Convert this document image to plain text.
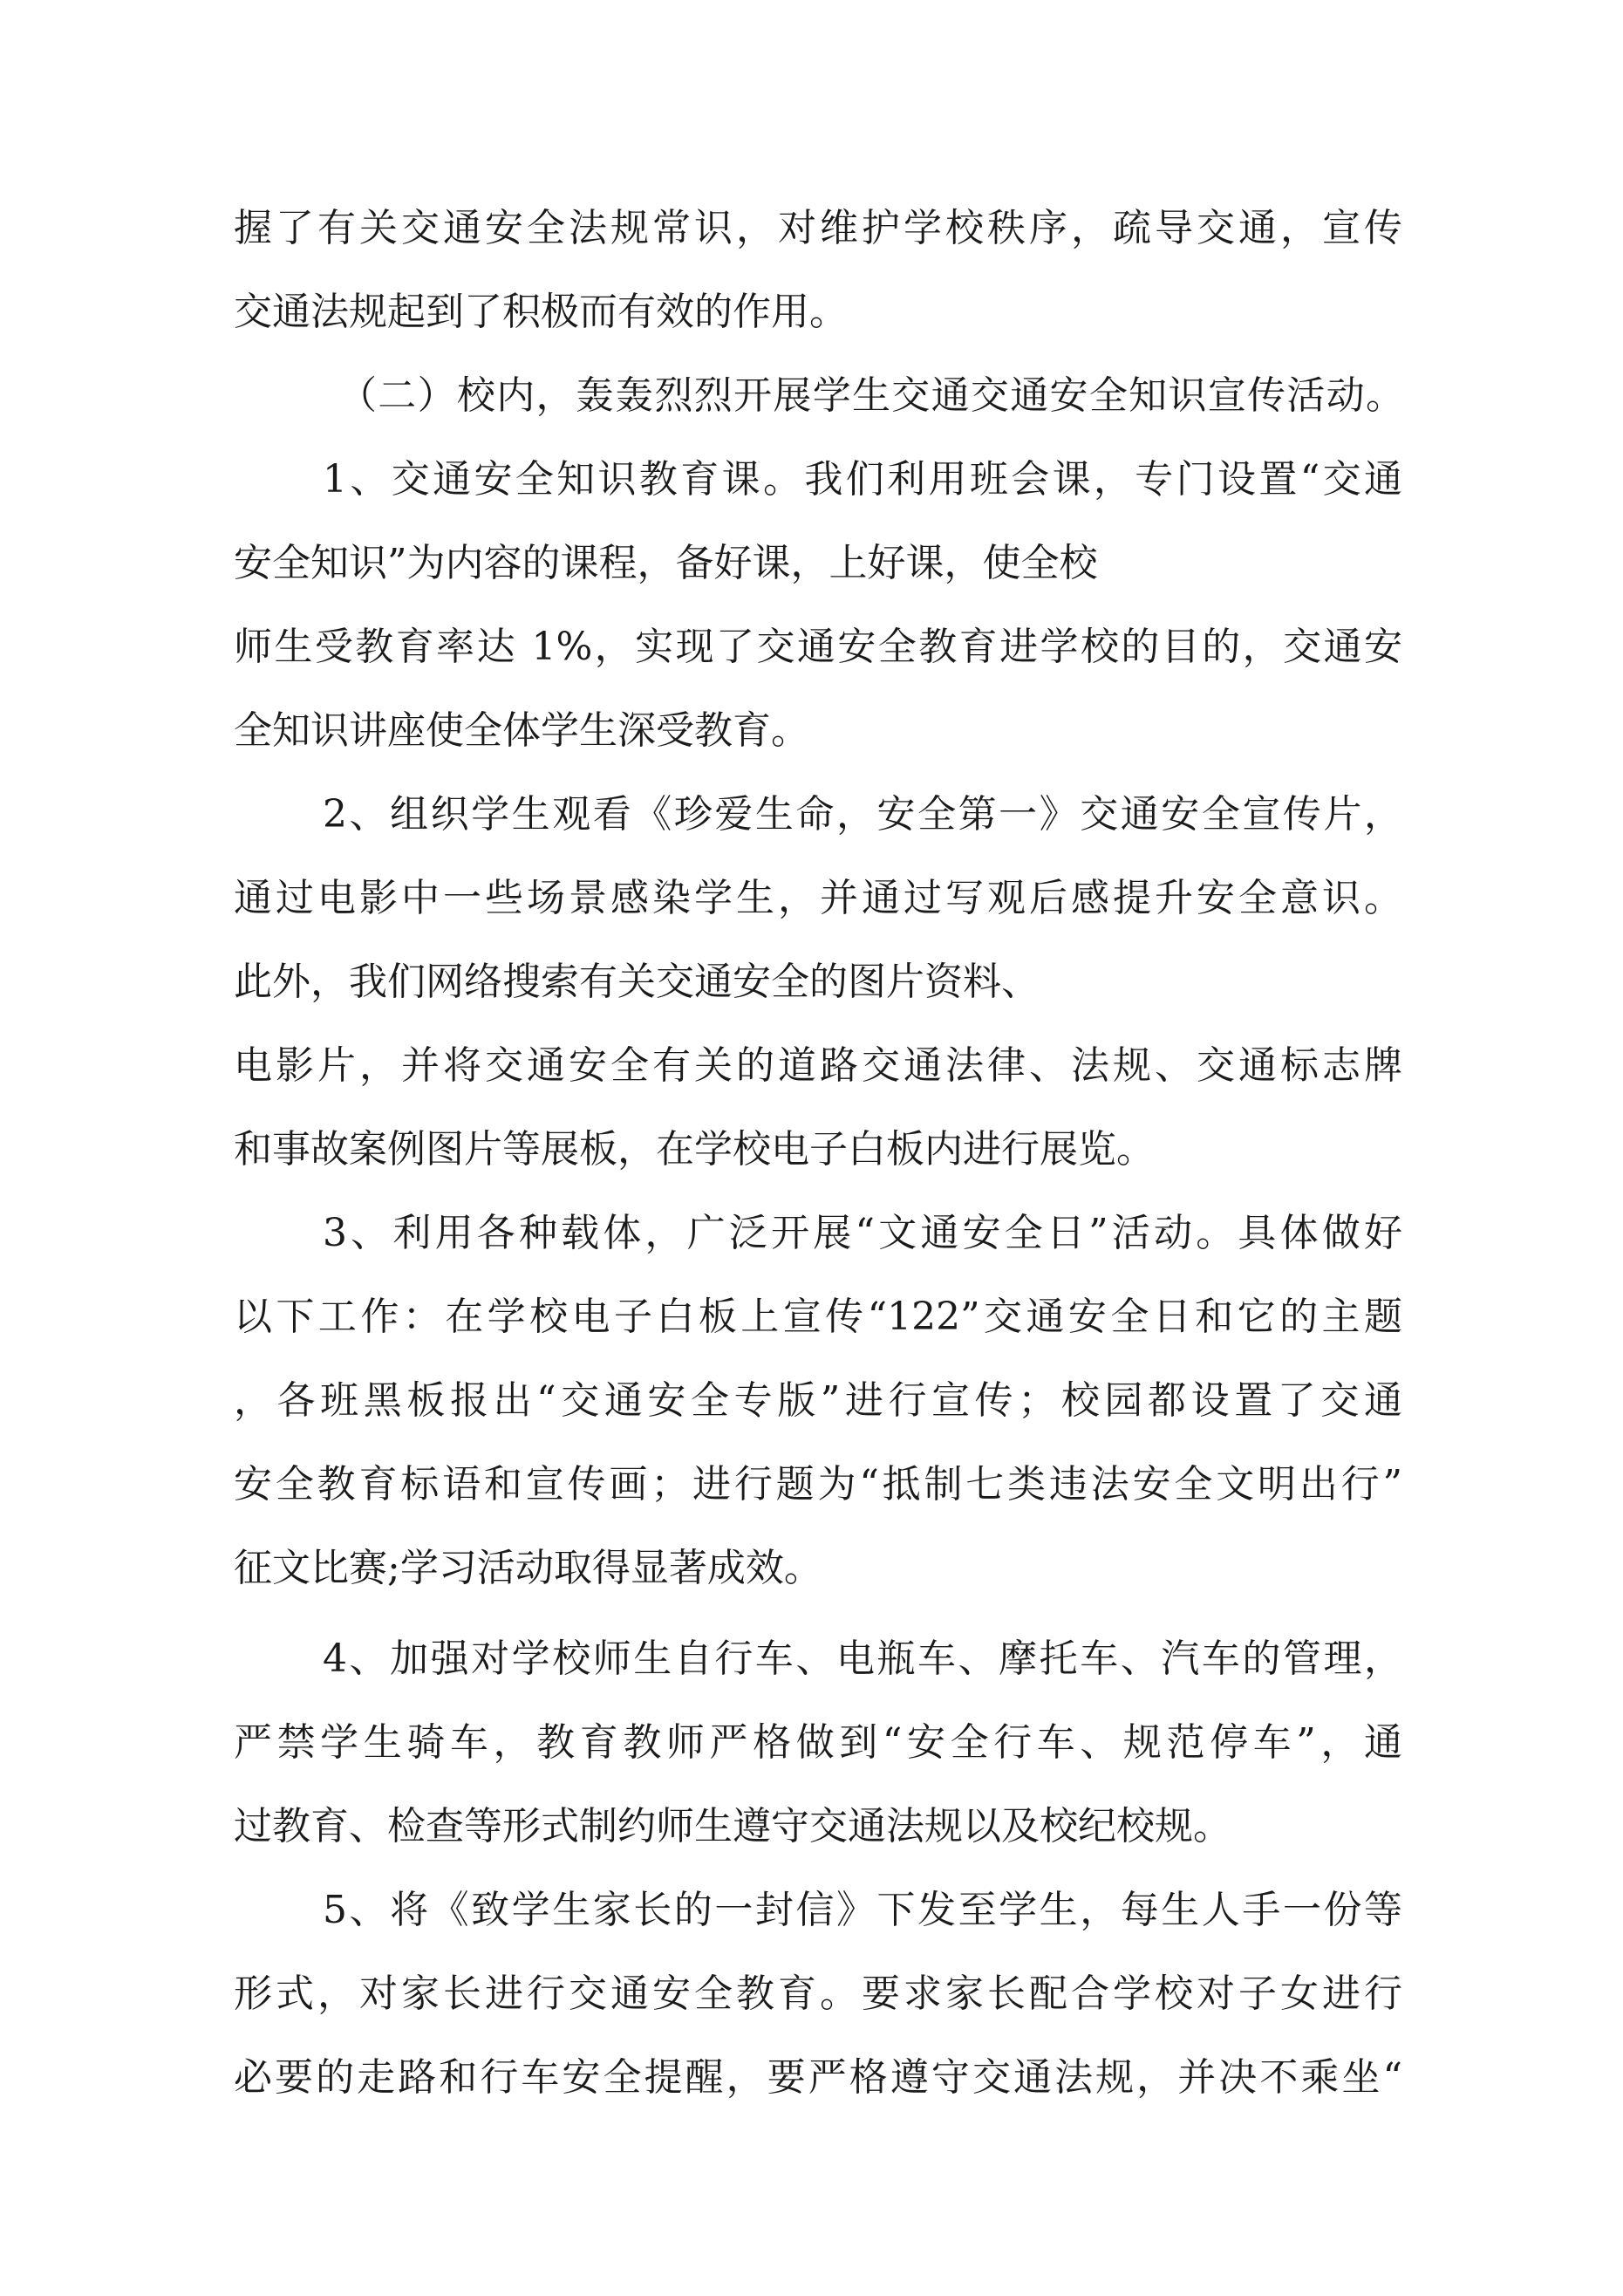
握了有关交通安全法规常识，对维护学校秩序，疏导交通，宣传
交通法规起到了积极而有效的作用。
（二）校内，轰轰烈烈开展学生交通交通安全知识宣传活动。
1、交通安全知识教育课。我们利用班会课，专门设置“交通
安全知识”为内容的课程，备好课，上好课，使全校
师生受教育率达 1%，实现了交通安全教育进学校的目的，交通安
全知识讲座使全体学生深受教育。
2、组织学生观看《珍爱生命，安全第一》交通安全宣传片，
通过电影中一些场景感染学生，并通过写观后感提升安全意识。
此外，我们网络搜索有关交通安全的图片资料、
电影片，并将交通安全有关的道路交通法律、法规、交通标志牌
和事故案例图片等展板，在学校电子白板内进行展览。
3、利用各种载体，广泛开展“文通安全日”活动。具体做好
以下工作：在学校电子白板上宣传“122”交通安全日和它的主题
，各班黑板报出“交通安全专版”进行宣传；校园都设置了交通
安全教育标语和宣传画；进行题为“抵制七类违法安全文明出行”
征文比赛;学习活动取得显著成效。
4、加强对学校师生自行车、电瓶车、摩托车、汽车的管理，
严禁学生骑车，教育教师严格做到“安全行车、规范停车”，通
过教育、检查等形式制约师生遵守交通法规以及校纪校规。
5、将《致学生家长的一封信》下发至学生，每生人手一份等
形式，对家长进行交通安全教育。要求家长配合学校对子女进行
必要的走路和行车安全提醒，要严格遵守交通法规，并决不乘坐“
